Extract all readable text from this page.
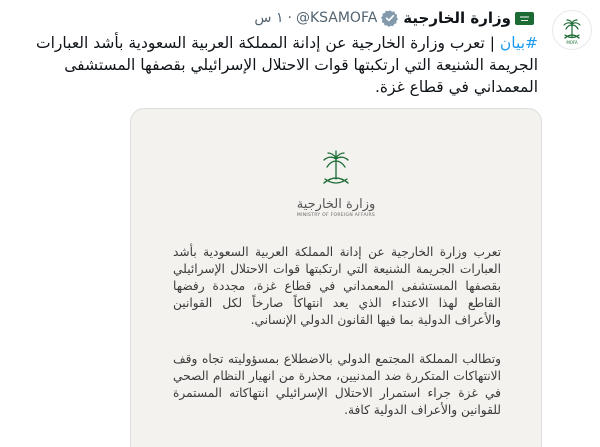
MOFA
وزارة الخارجية
@KSAMOFA
·
١ س
#بيان | تعرب وزارة الخارجية عن إدانة المملكة العربية السعودية بأشد العبارات الجريمة الشنيعة التي ارتكبتها قوات الاحتلال الإسرائيلي بقصفها المستشفى المعمداني في قطاع غزة.
وزارة الخارجية
MINISTRY OF FOREIGN AFFAIRS

تعرب وزارة الخارجية عن إدانة المملكة العربية السعودية بأشد العبارات الجريمة الشنيعة التي ارتكبتها قوات الاحتلال الإسرائيلي بقصفها المستشفى المعمداني في قطاع غزة، مجددة رفضها القاطع لهذا الاعتداء الذي يعد انتهاكاً صارخاً لكل القوانين والأعراف الدولية بما فيها القانون الدولي الإنساني.

وتطالب المملكة المجتمع الدولي بالاضطلاع بمسؤوليته تجاه وقف الانتهاكات المتكررة ضد المدنيين، محذرة من انهيار النظام الصحي في غزة جراء استمرار الاحتلال الإسرائيلي انتهاكاته المستمرة للقوانين والأعراف الدولية كافة.
